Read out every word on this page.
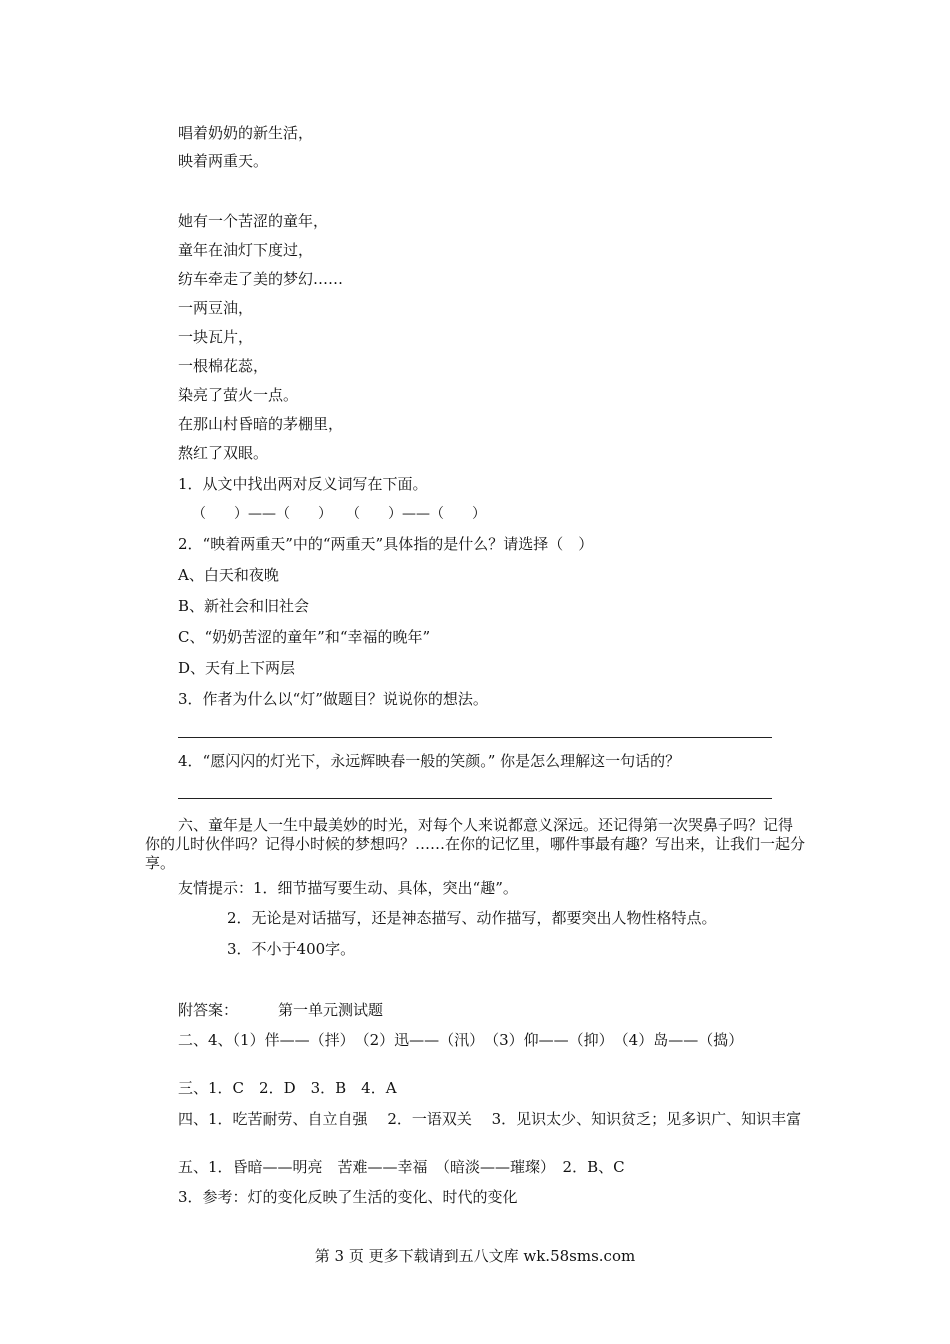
唱着奶奶的新生活，
映着两重天。
她有一个苦涩的童年，
童年在油灯下度过，
纺车牵走了美的梦幻……
一两豆油，
一块瓦片，
一根棉花蕊，
染亮了萤火一点。
在那山村昏暗的茅棚里，
熬红了双眼。
1．从文中找出两对反义词写在下面。
（　　）——（　　）　　（　　）——（　　）
2．“映着两重天”中的“两重天”具体指的是什么？请选择（　）
A、白天和夜晚
B、新社会和旧社会
C、“奶奶苦涩的童年”和“幸福的晚年”
D、天有上下两层
3．作者为什么以“灯”做题目？说说你的想法。
4．“愿闪闪的灯光下，永远辉映春一般的笑颜。” 你是怎么理解这一句话的？
六、童年是人一生中最美妙的时光，对每个人来说都意义深远。还记得第一次哭鼻子吗？记得你的儿时伙伴吗？记得小时候的梦想吗？……在你的记忆里，哪件事最有趣？写出来，让我们一起分享。
友情提示：1．细节描写要生动、具体，突出“趣”。
2．无论是对话描写，还是神态描写、动作描写，都要突出人物性格特点。
3．不小于400字。
附答案：	第一单元测试题
二、4、（1）伴——（拌）　（2）迅——（汛）　（3）仰——（抑）　（4）岛——（捣）
三、1．C　2．D　3．B　4．A
四、1．吃苦耐劳、自立自强　 2．一语双关　 3．见识太少、知识贫乏；见多识广、知识丰富
五、1．昏暗——明亮　苦难——幸福　（暗淡——璀璨）　2．B、C
3．参考：灯的变化反映了生活的变化、时代的变化
第 3 页 更多下载请到五八文库 wk.58sms.com
